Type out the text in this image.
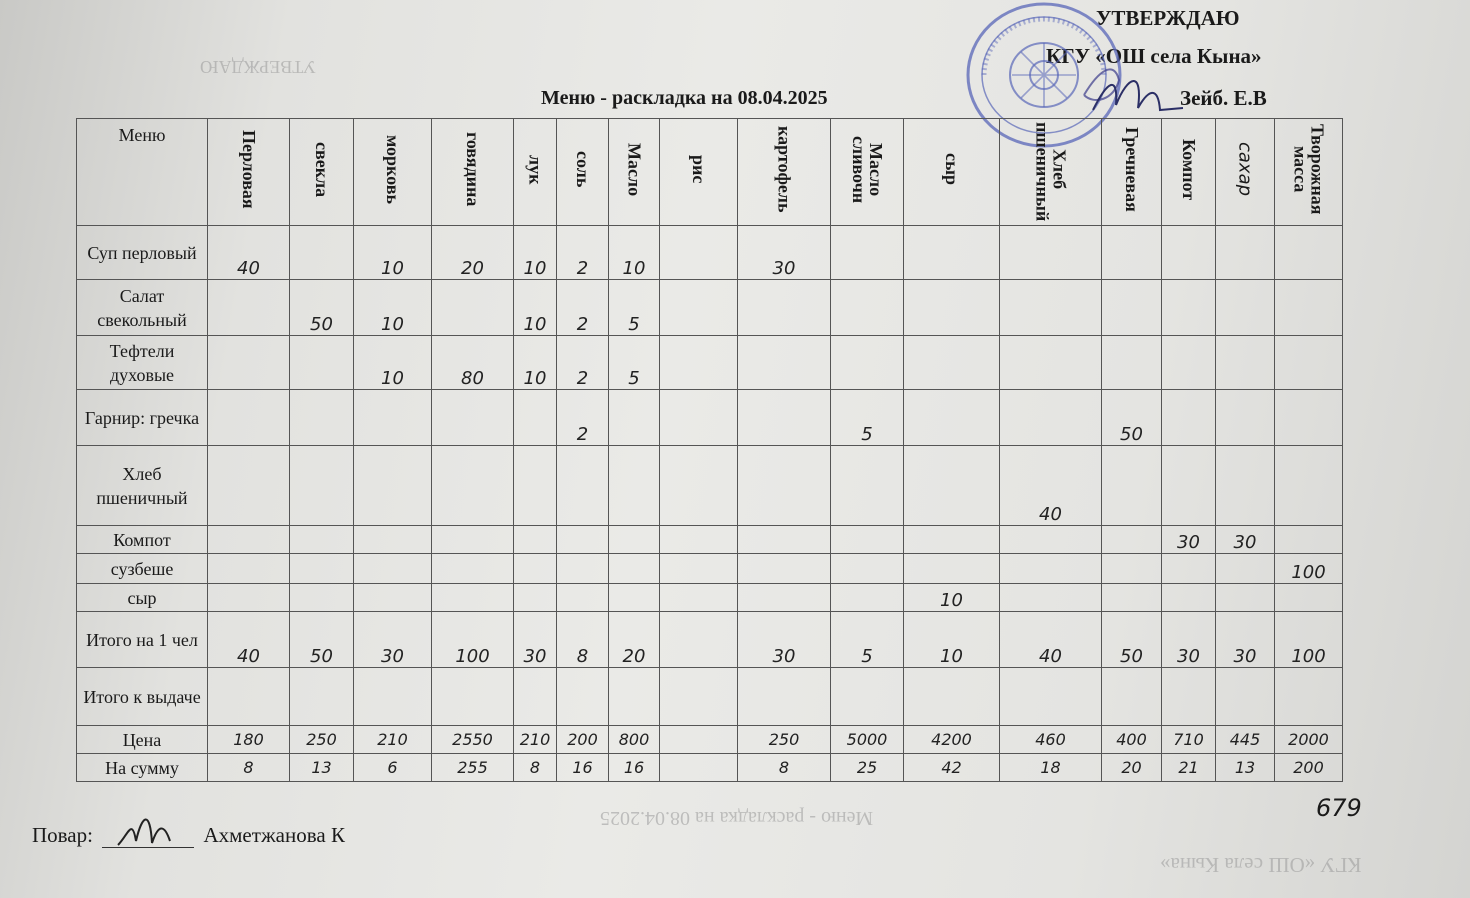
Меню - раскладка на 08.04.2025
КГУ «ОШ села Кына»
УТВЕРЖДАЮ
УТВЕРЖДАЮ
КГУ «ОШ села Кына»
Зейб. Е.В
Меню - раскладка на 08.04.2025
Меню	Перловая	свекла	морковь	говядина	лук	соль	Масло	рис	картофель	Масло сливочн	сыр	Хлеб пшеничный	Гречневая	Компот	сахар	Творожная масса
Суп перловый	40		10	20	10	2	10		30							
Салат свекольный		50	10		10	2	5									
Тефтели духовые			10	80	10	2	5									
Гарнир: гречка						2				5			50			
Хлеб пшеничный												40				
Компот														30	30	
сузбеше																100
сыр											10					
Итого на 1 чел	40	50	30	100	30	8	20		30	5	10	40	50	30	30	100
Итого к выдаче																
Цена	180	250	210	2550	210	200	800		250	5000	4200	460	400	710	445	2000
На сумму	8	13	6	255	8	16	16		8	25	42	18	20	21	13	200
Повар:	Ахметжанова К
679
